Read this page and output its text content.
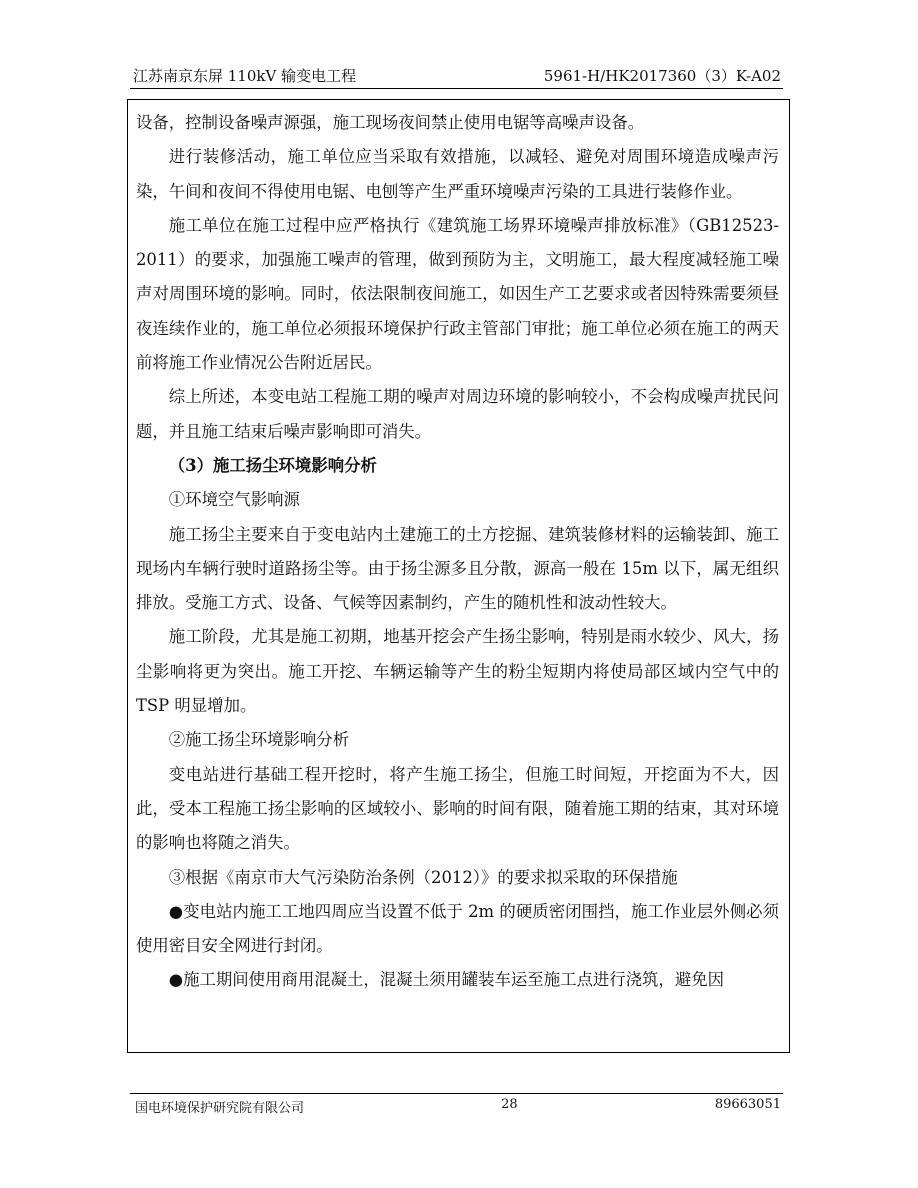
江苏南京东屏 110kV 输变电工程	5961-H/HK2017360（3）K-A02

设备，控制设备噪声源强，施工现场夜间禁止使用电锯等高噪声设备。

进行装修活动，施工单位应当采取有效措施，以减轻、避免对周围环境造成噪声污染，午间和夜间不得使用电锯、电刨等产生严重环境噪声污染的工具进行装修作业。

施工单位在施工过程中应严格执行《建筑施工场界环境噪声排放标准》（GB12523-2011）的要求，加强施工噪声的管理，做到预防为主，文明施工，最大程度减轻施工噪声对周围环境的影响。同时，依法限制夜间施工，如因生产工艺要求或者因特殊需要须昼夜连续作业的，施工单位必须报环境保护行政主管部门审批；施工单位必须在施工的两天前将施工作业情况公告附近居民。

综上所述，本变电站工程施工期的噪声对周边环境的影响较小，不会构成噪声扰民问题，并且施工结束后噪声影响即可消失。

（3）施工扬尘环境影响分析

①环境空气影响源

施工扬尘主要来自于变电站内土建施工的土方挖掘、建筑装修材料的运输装卸、施工现场内车辆行驶时道路扬尘等。由于扬尘源多且分散，源高一般在 15m 以下，属无组织排放。受施工方式、设备、气候等因素制约，产生的随机性和波动性较大。

施工阶段，尤其是施工初期，地基开挖会产生扬尘影响，特别是雨水较少、风大，扬尘影响将更为突出。施工开挖、车辆运输等产生的粉尘短期内将使局部区域内空气中的 TSP 明显增加。

②施工扬尘环境影响分析

变电站进行基础工程开挖时，将产生施工扬尘，但施工时间短，开挖面为不大，因此，受本工程施工扬尘影响的区域较小、影响的时间有限，随着施工期的结束，其对环境的影响也将随之消失。

③根据《南京市大气污染防治条例（2012）》的要求拟采取的环保措施

●变电站内施工工地四周应当设置不低于 2m 的硬质密闭围挡，施工作业层外侧必须使用密目安全网进行封闭。

●施工期间使用商用混凝土，混凝土须用罐装车运至施工点进行浇筑，避免因

国电环境保护研究院有限公司	28	89663051
